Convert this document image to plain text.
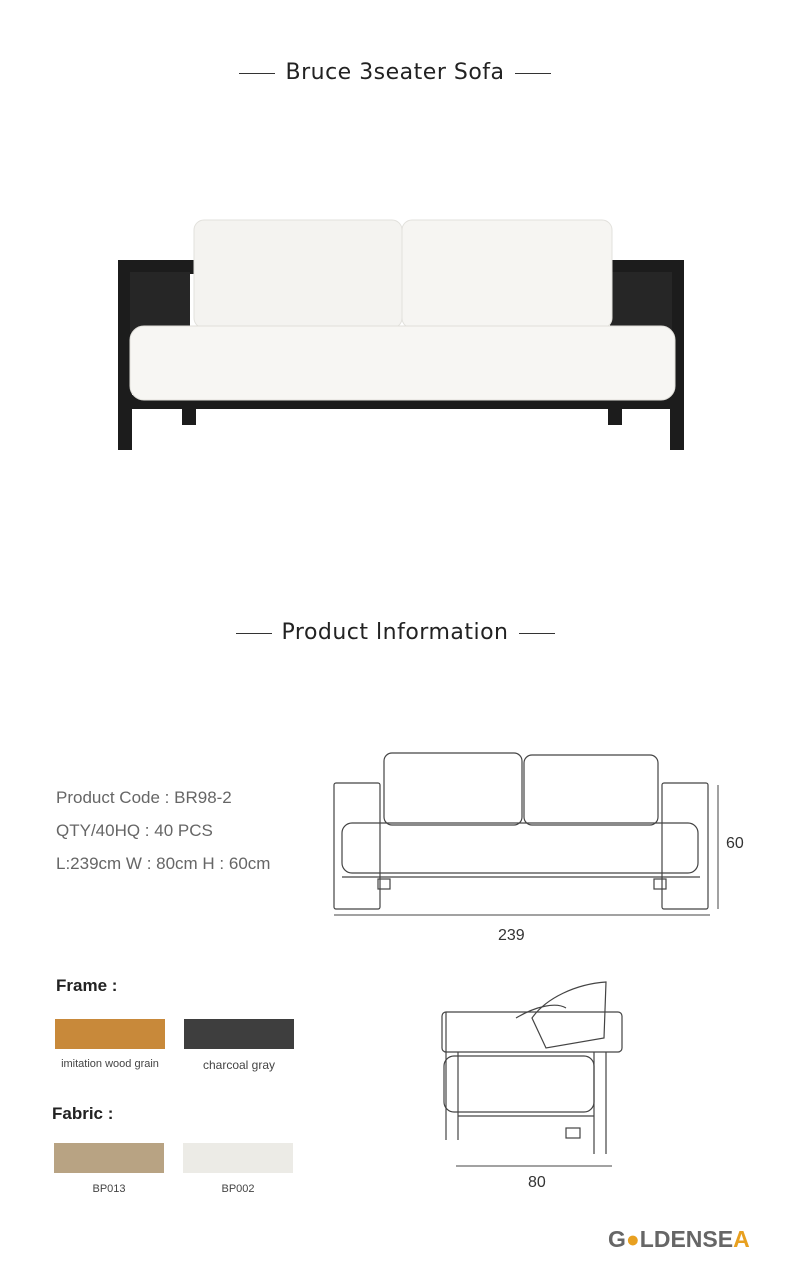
Bruce 3seater Sofa
Product lnformation
Product Code : BR98-2
QTY/40HQ : 40 PCS
L:239cm W : 80cm H : 60cm
60
239
Frame :
imitation wood grain	charcoal gray
Fabric :
BP013	BP002	80
G●LDENSEA
